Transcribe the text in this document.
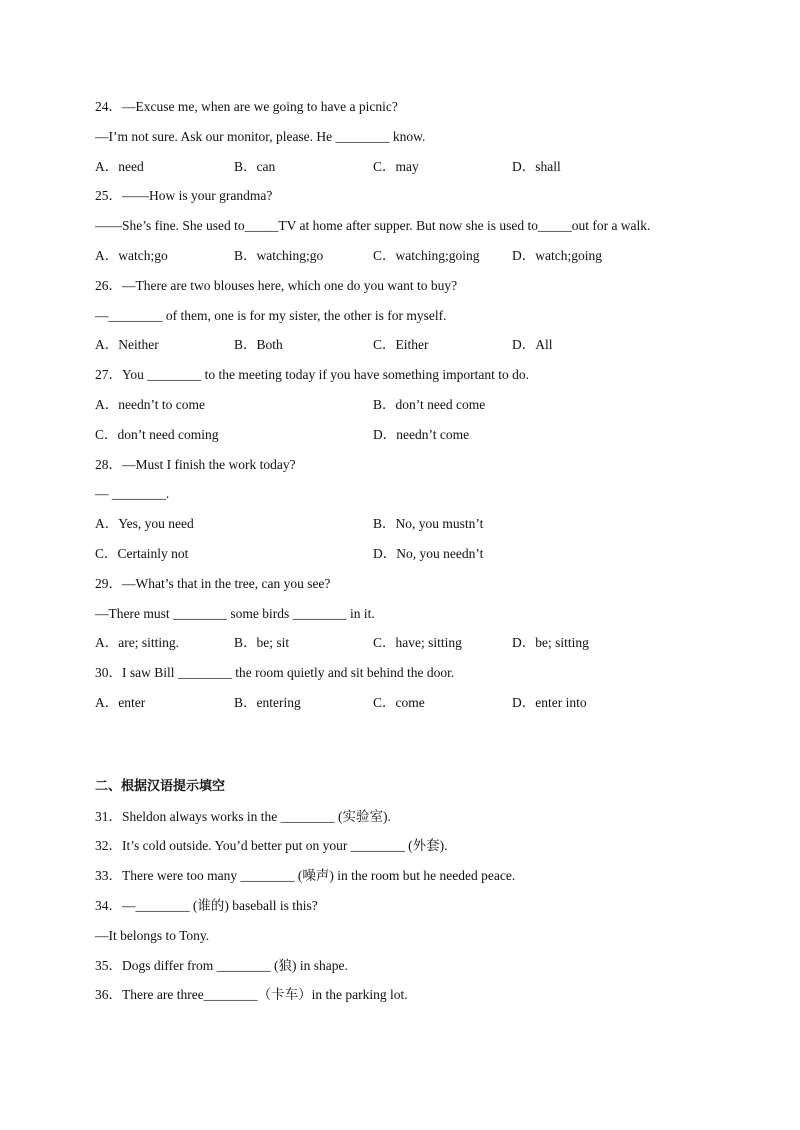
24．—Excuse me, when are we going to have a picnic?
—I’m not sure. Ask our monitor, please. He ________ know.
A．need	B．can	C．may	D．shall
25．——How is your grandma?
——She’s fine. She used to_____TV at home after supper. But now she is used to_____out for a walk.
A．watch;go	B．watching;go	C．watching;going	D．watch;going
26．—There are two blouses here, which one do you want to buy?
—________ of them, one is for my sister, the other is for myself.
A．Neither	B．Both	C．Either	D．All
27．You ________ to the meeting today if you have something important to do.
A．needn’t to come	B．don’t need come
C．don’t need coming	D．needn’t come
28．—Must I finish the work today?
— ________.
A．Yes, you need	B．No, you mustn’t
C．Certainly not	D．No, you needn’t
29．—What’s that in the tree, can you see?
—There must ________ some birds ________ in it.
A．are; sitting.	B．be; sit	C．have; sitting	D．be; sitting
30．I saw Bill ________ the room quietly and sit behind the door.
A．enter	B．entering	C．come	D．enter into
二、根据汉语提示填空
31．Sheldon always works in the ________ (实验室).
32．It’s cold outside. You’d better put on your ________ (外套).
33．There were too many ________ (噪声) in the room but he needed peace.
34．—________ (谁的) baseball is this?
—It belongs to Tony.
35．Dogs differ from ________ (狼) in shape.
36．There are three________（卡车）in the parking lot.
